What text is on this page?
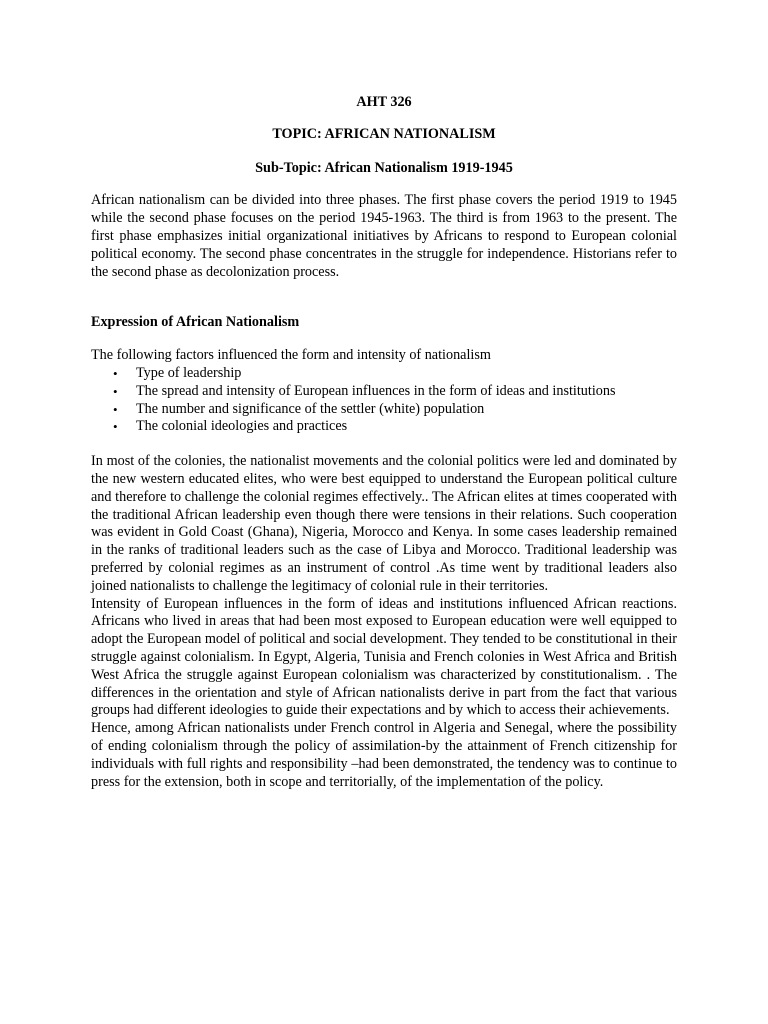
AHT 326
TOPIC: AFRICAN NATIONALISM
Sub-Topic: African Nationalism 1919-1945

African nationalism can be divided into three phases. The first phase covers the period 1919 to 1945 while the second phase focuses on the period 1945-1963. The third is from 1963 to the present. The first phase emphasizes initial organizational initiatives by Africans to respond to European colonial political economy. The second phase concentrates in the struggle for independence. Historians refer to the second phase as decolonization process.

Expression of African Nationalism
The following factors influenced the form and intensity of nationalism
• Type of leadership
• The spread and intensity of European influences in the form of ideas and institutions
• The number and significance of the settler (white) population
• The colonial ideologies and practices

In most of the colonies, the nationalist movements and the colonial politics were led and dominated by the new western educated elites, who were best equipped to understand the European political culture and therefore to challenge the colonial regimes effectively.. The African elites at times cooperated with the traditional African leadership even though there were tensions in their relations. Such cooperation was evident in Gold Coast (Ghana), Nigeria, Morocco and Kenya. In some cases leadership remained in the ranks of traditional leaders such as the case of Libya and Morocco. Traditional leadership was preferred by colonial regimes as an instrument of control .As time went by traditional leaders also joined nationalists to challenge the legitimacy of colonial rule in their territories.

Intensity of European influences in the form of ideas and institutions influenced African reactions. Africans who lived in areas that had been most exposed to European education were well equipped to adopt the European model of political and social development. They tended to be constitutional in their struggle against colonialism. In Egypt, Algeria, Tunisia and French colonies in West Africa and British West Africa the struggle against European colonialism was characterized by constitutionalism. . The differences in the orientation and style of African nationalists derive in part from the fact that various groups had different ideologies to guide their expectations and by which to access their achievements.

Hence, among African nationalists under French control in Algeria and Senegal, where the possibility of ending colonialism through the policy of assimilation-by the attainment of French citizenship for individuals with full rights and responsibility –had been demonstrated, the tendency was to continue to press for the extension, both in scope and territorially, of the implementation of the policy.
